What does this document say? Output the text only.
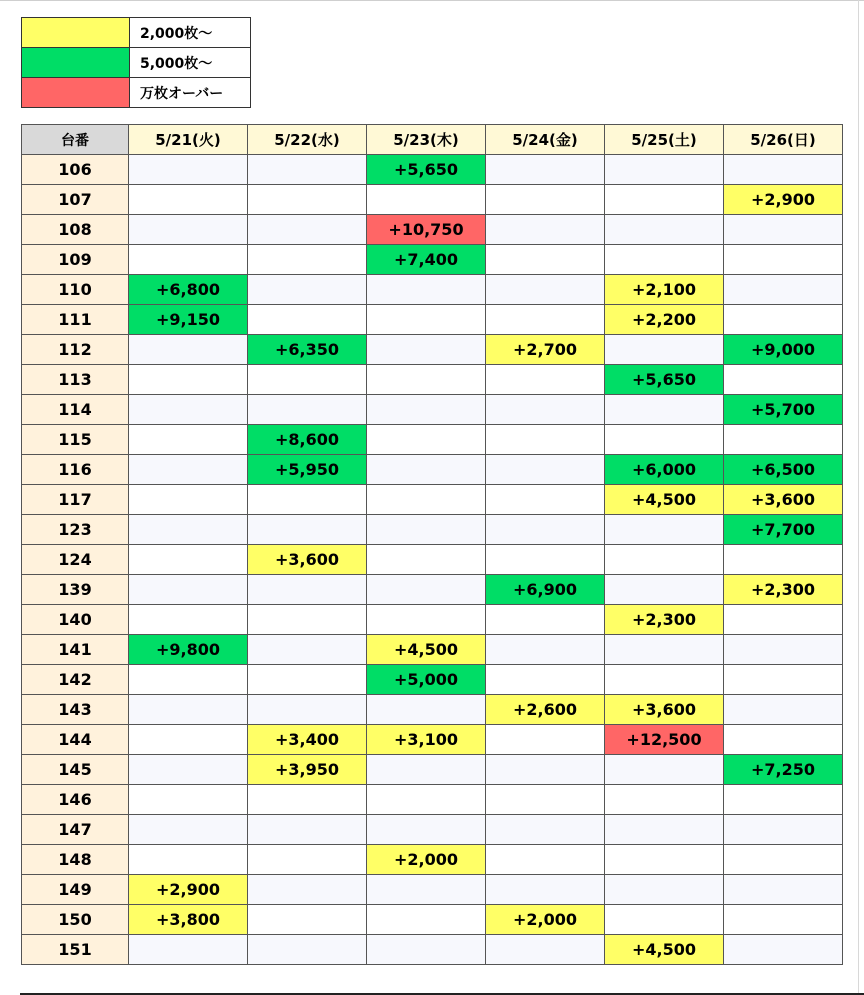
	2,000枚～
	5,000枚～
	万枚オーバー
台番	5/21(火)	5/22(水)	5/23(木)	5/24(金)	5/25(土)	5/26(日)
106			+5,650			
107						+2,900
108			+10,750			
109			+7,400			
110	+6,800				+2,100	
111	+9,150				+2,200	
112		+6,350		+2,700		+9,000
113					+5,650	
114						+5,700
115		+8,600				
116		+5,950			+6,000	+6,500
117					+4,500	+3,600
123						+7,700
124		+3,600				
139				+6,900		+2,300
140					+2,300	
141	+9,800		+4,500			
142			+5,000			
143				+2,600	+3,600	
144		+3,400	+3,100		+12,500	
145		+3,950				+7,250
146						
147						
148			+2,000			
149	+2,900					
150	+3,800			+2,000		
151					+4,500	
